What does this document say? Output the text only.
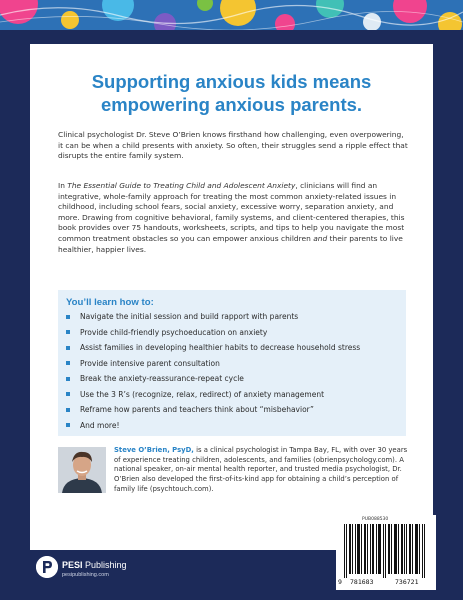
Supporting anxious kids means
empowering anxious parents.

Clinical psychologist Dr. Steve O’Brien knows firsthand how challenging, even overpowering, it can be when a child presents with anxiety. So often, their struggles send a ripple effect that disrupts the entire family system.

In The Essential Guide to Treating Child and Adolescent Anxiety, clinicians will find an integrative, whole-family approach for treating the most common anxiety-related issues in childhood, including school fears, social anxiety, excessive worry, separation anxiety, and more. Drawing from cognitive behavioral, family systems, and client-centered therapies, this book provides over 75 handouts, worksheets, scripts, and tips to help you navigate the most common treatment obstacles so you can empower anxious children and their parents to live healthier, happier lives.

You’ll learn how to:
Navigate the initial session and build rapport with parents
Provide child-friendly psychoeducation on anxiety
Assist families in developing healthier habits to decrease household stress
Provide intensive parent consultation
Break the anxiety-reassurance-repeat cycle
Use the 3 R’s (recognize, relax, redirect) of anxiety management
Reframe how parents and teachers think about “misbehavior”
And more!

Steve O’Brien, PsyD, is a clinical psychologist in Tampa Bay, FL, with over 30 years of experience treating children, adolescents, and families (obrienpsychology.com). A national speaker, on-air mental health reporter, and trusted media psychologist, Dr. O’Brien also developed the first-of-its-kind app for obtaining a child’s perception of family life (psychtouch.com).

PESI Publishing
pesipublishing.com
PUB088530
9 781683	736721
